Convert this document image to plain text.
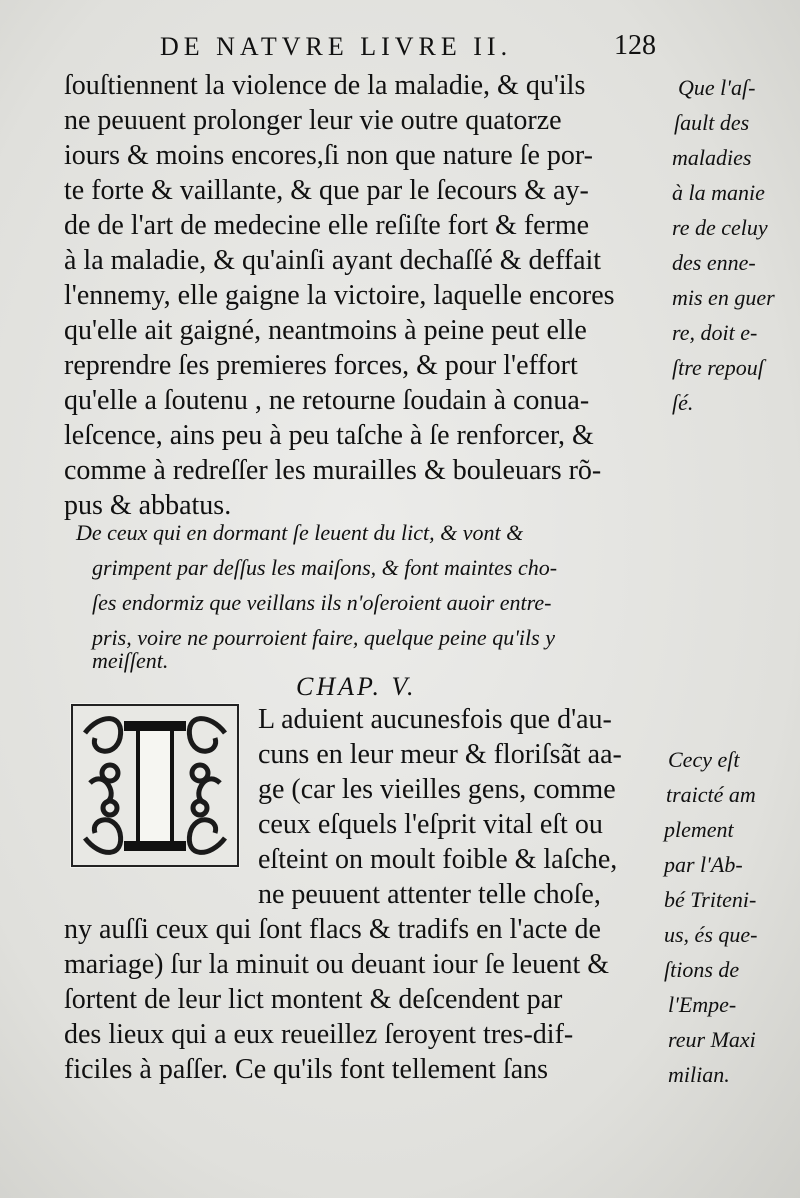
DE NATVRE LIVRE II.	128
ſouſtiennent la violence de la maladie, & qu'ils
ne peuuent prolonger leur vie outre quatorze
iours & moins encores,ſi non que nature ſe por-
te forte & vaillante, & que par le ſecours & ay-
de de l'art de medecine elle reſiſte fort & ferme
à la maladie, & qu'ainſi ayant dechaſſé & deffait
l'ennemy, elle gaigne la victoire, laquelle encores
qu'elle ait gaigné, neantmoins à peine peut elle
reprendre ſes premieres forces, & pour l'effort
qu'elle a ſoutenu , ne retourne ſoudain à conua-
leſcence, ains peu à peu taſche à ſe renforcer, &
comme à redreſſer les murailles & bouleuars rõ-
pus & abbatus.
Que l'aſ-
ſault des
maladies
à la manie
re de celuy
des enne-
mis en guer
re, doit e-
ſtre repouſ
ſé.
De ceux qui en dormant ſe leuent du lict, & vont &
grimpent par deſſus les maiſons, & font maintes cho-
ſes endormiz que veillans ils n'oſeroient auoir entre-
pris, voire ne pourroient faire, quelque peine qu'ils y
meiſſent.
CHAP. V.
L aduient aucunesfois que d'au-
cuns en leur meur & floriſsãt aa-
ge (car les vieilles gens, comme
ceux eſquels l'eſprit vital eſt ou
eſteint on moult foible & laſche,
ne peuuent attenter telle choſe,
ny auſſi ceux qui ſont flacs & tradifs en l'acte de
mariage) ſur la minuit ou deuant iour ſe leuent &
ſortent de leur lict montent & deſcendent par
des lieux qui a eux reueillez ſeroyent tres-dif-
ficiles à paſſer. Ce qu'ils font tellement ſans
Cecy eſt
traicté am
plement
par l'Ab-
bé Triteni-
us, és que-
ſtions de
l'Empe-
reur Maxi
milian.
